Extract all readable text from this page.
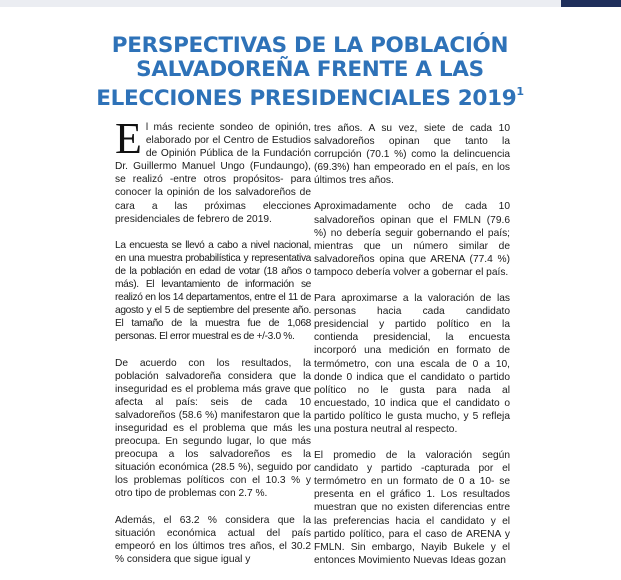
PERSPECTIVAS DE LA POBLACIÓN
SALVADOREÑA FRENTE A LAS
ELECCIONES PRESIDENCIALES 2019$^1$

El más reciente sondeo de opinión, elaborado por el Centro de Estudios de Opinión Pública de la Fundación Dr. Guillermo Manuel Ungo (Fundaungo), se realizó -entre otros propósitos- para conocer la opinión de los salvadoreños de cara a las próximas elecciones presidenciales de febrero de 2019.

La encuesta se llevó a cabo a nivel nacional, en una muestra probabilística y representativa de la población en edad de votar (18 años o más). El levantamiento de información se realizó en los 14 departamentos, entre el 11 de agosto y el 5 de septiembre del presente año. El tamaño de la muestra fue de 1,068 personas. El error muestral es de +/-3.0 %.

De acuerdo con los resultados, la población salvadoreña considera que la inseguridad es el problema más grave que afecta al país: seis de cada 10 salvadoreños (58.6 %) manifestaron que la inseguridad es el problema que más les preocupa. En segundo lugar, lo que más preocupa a los salvadoreños es la situación económica (28.5 %), seguido por los problemas políticos con el 10.3 % y otro tipo de problemas con 2.7 %.

Además, el 63.2 % considera que la situación económica actual del país empeoró en los últimos tres años, el 30.2 % considera que sigue igual y

tres años. A su vez, siete de cada 10 salvadoreños opinan que tanto la corrupción (70.1 %) como la delincuencia (69.3%) han empeorado en el país, en los últimos tres años.

Aproximadamente ocho de cada 10 salvadoreños opinan que el FMLN (79.6 %) no debería seguir gobernando el país; mientras que un número similar de salvadoreños opina que ARENA (77.4 %) tampoco debería volver a gobernar el país.

Para aproximarse a la valoración de las personas hacia cada candidato presidencial y partido político en la contienda presidencial, la encuesta incorporó una medición en formato de termómetro, con una escala de 0 a 10, donde 0 indica que el candidato o partido político no le gusta para nada al encuestado, 10 indica que el candidato o partido político le gusta mucho, y 5 refleja una postura neutral al respecto.

El promedio de la valoración según candidato y partido -capturada por el termómetro en un formato de 0 a 10- se presenta en el gráfico 1. Los resultados muestran que no existen diferencias entre las preferencias hacia el candidato y el partido político, para el caso de ARENA y FMLN. Sin embargo, Nayib Bukele y el entonces Movimiento Nuevas Ideas gozan
